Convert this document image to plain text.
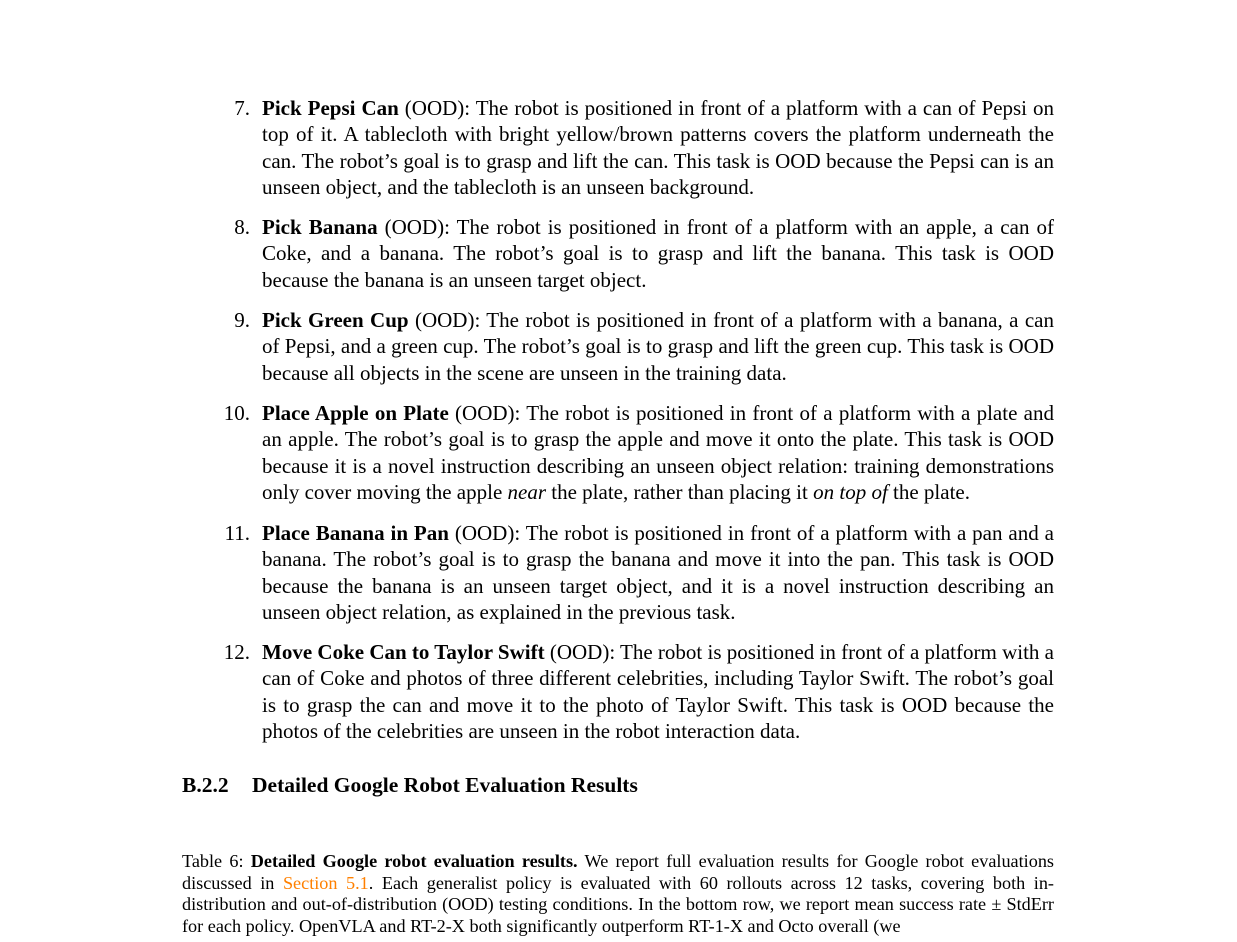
7. Pick Pepsi Can (OOD): The robot is positioned in front of a platform with a can of Pepsi on top of it. A tablecloth with bright yellow/brown patterns covers the platform underneath the can. The robot’s goal is to grasp and lift the can. This task is OOD because the Pepsi can is an unseen object, and the tablecloth is an unseen background.
8. Pick Banana (OOD): The robot is positioned in front of a platform with an apple, a can of Coke, and a banana. The robot’s goal is to grasp and lift the banana. This task is OOD because the banana is an unseen target object.
9. Pick Green Cup (OOD): The robot is positioned in front of a platform with a banana, a can of Pepsi, and a green cup. The robot’s goal is to grasp and lift the green cup. This task is OOD because all objects in the scene are unseen in the training data.
10. Place Apple on Plate (OOD): The robot is positioned in front of a platform with a plate and an apple. The robot’s goal is to grasp the apple and move it onto the plate. This task is OOD because it is a novel instruction describing an unseen object relation: training demonstrations only cover moving the apple near the plate, rather than placing it on top of the plate.
11. Place Banana in Pan (OOD): The robot is positioned in front of a platform with a pan and a banana. The robot’s goal is to grasp the banana and move it into the pan. This task is OOD because the banana is an unseen target object, and it is a novel instruction describing an unseen object relation, as explained in the previous task.
12. Move Coke Can to Taylor Swift (OOD): The robot is positioned in front of a platform with a can of Coke and photos of three different celebrities, including Taylor Swift. The robot’s goal is to grasp the can and move it to the photo of Taylor Swift. This task is OOD because the photos of the celebrities are unseen in the robot interaction data.
B.2.2 Detailed Google Robot Evaluation Results
Table 6: Detailed Google robot evaluation results. We report full evaluation results for Google robot evaluations discussed in Section 5.1. Each generalist policy is evaluated with 60 rollouts across 12 tasks, covering both in-distribution and out-of-distribution (OOD) testing conditions. In the bottom row, we report mean success rate ± StdErr for each policy. OpenVLA and RT-2-X both significantly outperform RT-1-X and Octo overall (we
